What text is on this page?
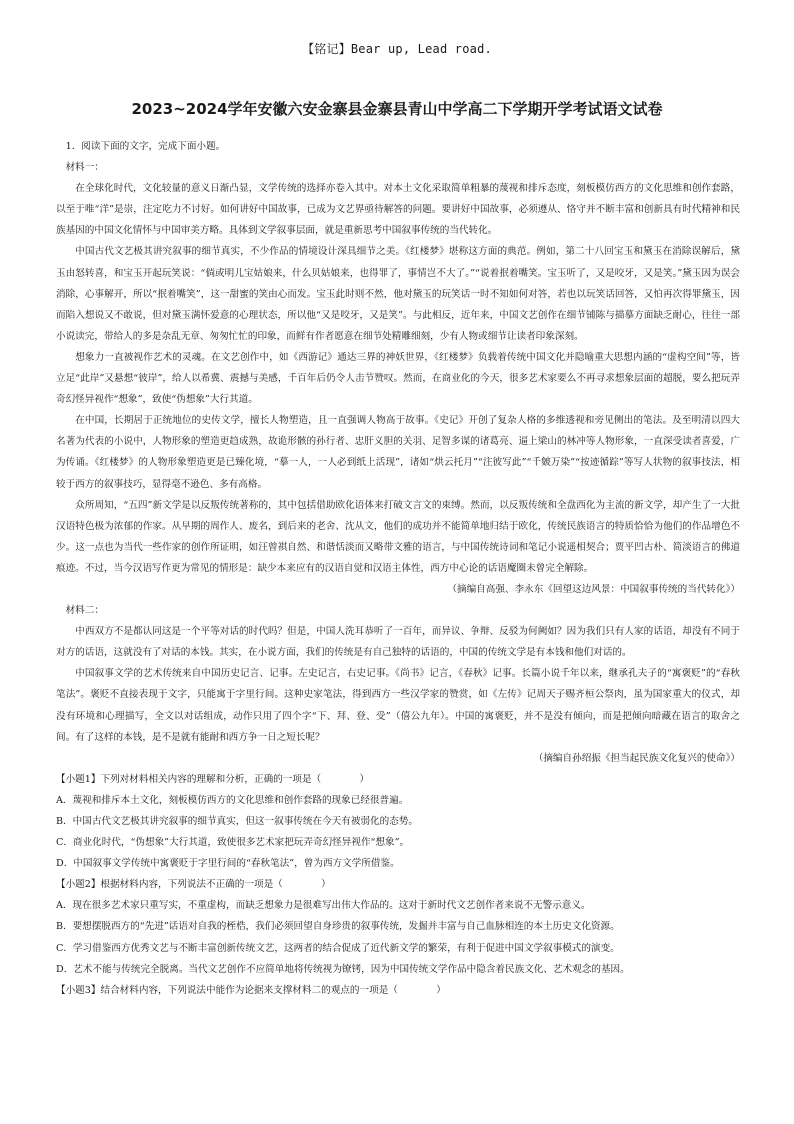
【铭记】Bear up, Lead road.
2023~2024学年安徽六安金寨县金寨县青山中学高二下学期开学考试语文试卷

1．阅读下面的文字，完成下面小题。

材料一：

在全球化时代，文化较量的意义日渐凸显，文学传统的选择亦卷入其中。对本土文化采取简单粗暴的蔑视和排斥态度，刻板模仿西方的文化思维和创作套路，以至于唯“洋”是崇，注定吃力不讨好。如何讲好中国故事，已成为文艺界亟待解答的问题。要讲好中国故事，必须遵从、恪守并不断丰富和创新具有时代精神和民族基因的中国文化情怀与中国审美方略。具体到文学叙事层面，就是重新思考中国叙事传统的当代转化。

中国古代文艺极其讲究叙事的细节真实，不少作品的情境设计深具细节之美。《红楼梦》堪称这方面的典范。例如，第二十八回宝玉和黛玉在消除误解后，黛玉由怒转喜，和宝玉开起玩笑说：“倘或明儿宝姑娘来，什么贝姑娘来，也得罪了，事情岂不大了。”“说着抿着嘴笑。宝玉听了，又是咬牙，又是笑。”黛玉因为误会消除，心事解开，所以“抿着嘴笑”，这一甜蜜的笑由心而发。宝玉此时则不然，他对黛玉的玩笑话一时不知如何对答，若也以玩笑话回答，又怕再次得罪黛玉，因而陷入想说又不敢说，但对黛玉满怀爱意的心理状态，所以他“又是咬牙，又是笑”。与此相反，近年来，中国文艺创作在细节铺陈与描摹方面缺乏耐心，往往一部小说读完，带给人的多是杂乱无章、匆匆忙忙的印象，而鲜有作者愿意在细节处精雕细刻，少有人物或细节让读者印象深刻。

想象力一直被视作艺术的灵魂。在文艺创作中，如《西游记》通达三界的神妖世界，《红楼梦》负载着传统中国文化并隐喻重大思想内涵的“虚构空间”等，皆立足“此岸”又悬想“彼岸”，给人以希冀、震撼与美感，千百年后仍令人击节赞叹。然而，在商业化的今天，很多艺术家要么不再寻求想象层面的超脱，要么把玩弄奇幻怪异视作“想象”，致使“伪想象”大行其道。

在中国，长期居于正统地位的史传文学，擅长人物塑造，且一直强调人物高于故事。《史记》开创了复杂人格的多维透视和旁见侧出的笔法。及至明清以四大名著为代表的小说中，人物形象的塑造更趋成熟，故诡形骸的孙行者、忠肝义胆的关羽、足智多谋的诸葛亮、逼上梁山的林冲等人物形象，一直深受读者喜爱，广为传诵。《红楼梦》的人物形象塑造更是已臻化境，“摹一人，一人必到纸上活现”，诸如“烘云托月”“注彼写此”“千皴万染”“按迹循踪”等写人状物的叙事技法，相较于西方的叙事技巧，显得毫不逊色、多有高格。

众所周知，“五四”新文学是以反叛传统著称的，其中包括借助欧化语体来打破文言文的束缚。然而，以反叛传统和全盘西化为主流的新文学，却产生了一大批汉语特色极为浓郁的作家。从早期的周作人、废名，到后来的老舍、沈从文，他们的成功并不能简单地归结于欧化，传统民族语言的特质恰恰为他们的作品增色不少。这一点也为当代一些作家的创作所证明，如汪曾祺自然、和谐恬淡而又略带文雅的语言，与中国传统诗词和笔记小说遥相契合；贾平凹古朴、简淡语言的佛道痕迹。不过，当今汉语写作更为常见的情形是：缺少本来应有的汉语自觉和汉语主体性，西方中心论的话语魔圈未曾完全解除。

（摘编自高强、李永东《回望这边风景：中国叙事传统的当代转化》）

材料二：

中西双方不是都认同这是一个平等对话的时代吗？但是，中国人洗耳恭听了一百年，而异议、争辩、反驳为何阙如？因为我们只有人家的话语，却没有不同于对方的话语，这就没有了对话的本钱。其实，在小说方面，我们的传统是有自己独特的话语的，中国的传统文学是有本钱和他们对话的。

中国叙事文学的艺术传统来自中国历史记言、记事。左史记言，右史记事。《尚书》记言，《春秋》记事。长篇小说千年以来，继承孔夫子的“寓褒贬”的“春秋笔法”。褒贬不直接表现于文字，只能寓于字里行间。这种史家笔法，得到西方一些汉学家的赞赏，如《左传》记周天子赐齐桓公祭肉，虽为国家重大的仪式，却没有环境和心理描写，全文以对话组成，动作只用了四个字“下、拜、登、受”（僖公九年）。中国的寓褒贬，并不是没有倾向，而是把倾向暗藏在语言的取舍之间。有了这样的本钱，是不是就有能耐和西方争一日之短长呢？

（摘编自孙绍振《担当起民族文化复兴的使命》）

【小题1】下列对材料相关内容的理解和分析，正确的一项是（　　　　）

A．蔑视和排斥本土文化，刻板模仿西方的文化思维和创作套路的现象已经很普遍。

B．中国古代文艺极其讲究叙事的细节真实，但这一叙事传统在今天有被弱化的态势。

C．商业化时代，“伪想象”大行其道，致使很多艺术家把玩弄奇幻怪异视作“想象”。

D．中国叙事文学传统中寓褒贬于字里行间的“春秋笔法”，曾为西方文学所借鉴。

【小题2】根据材料内容，下列说法不正确的一项是（　　　　）

A．现在很多艺术家只重写实，不重虚构，而缺乏想象力是很难写出伟大作品的。这对于新时代文艺创作者来说不无警示意义。

B．要想摆脱西方的“先进”话语对自我的桎梏，我们必须回望自身珍贵的叙事传统，发掘并丰富与自己血脉相连的本土历史文化资源。

C．学习借鉴西方优秀文艺与不断丰富创新传统文艺，这两者的结合促成了近代新文学的繁荣，有利于促进中国文学叙事模式的演变。

D．艺术不能与传统完全脱离。当代文艺创作不应简单地将传统视为镣铐，因为中国传统文学作品中隐含着民族文化、艺术观念的基因。

【小题3】结合材料内容，下列说法中能作为论据来支撑材料二的观点的一项是（　　　　）
